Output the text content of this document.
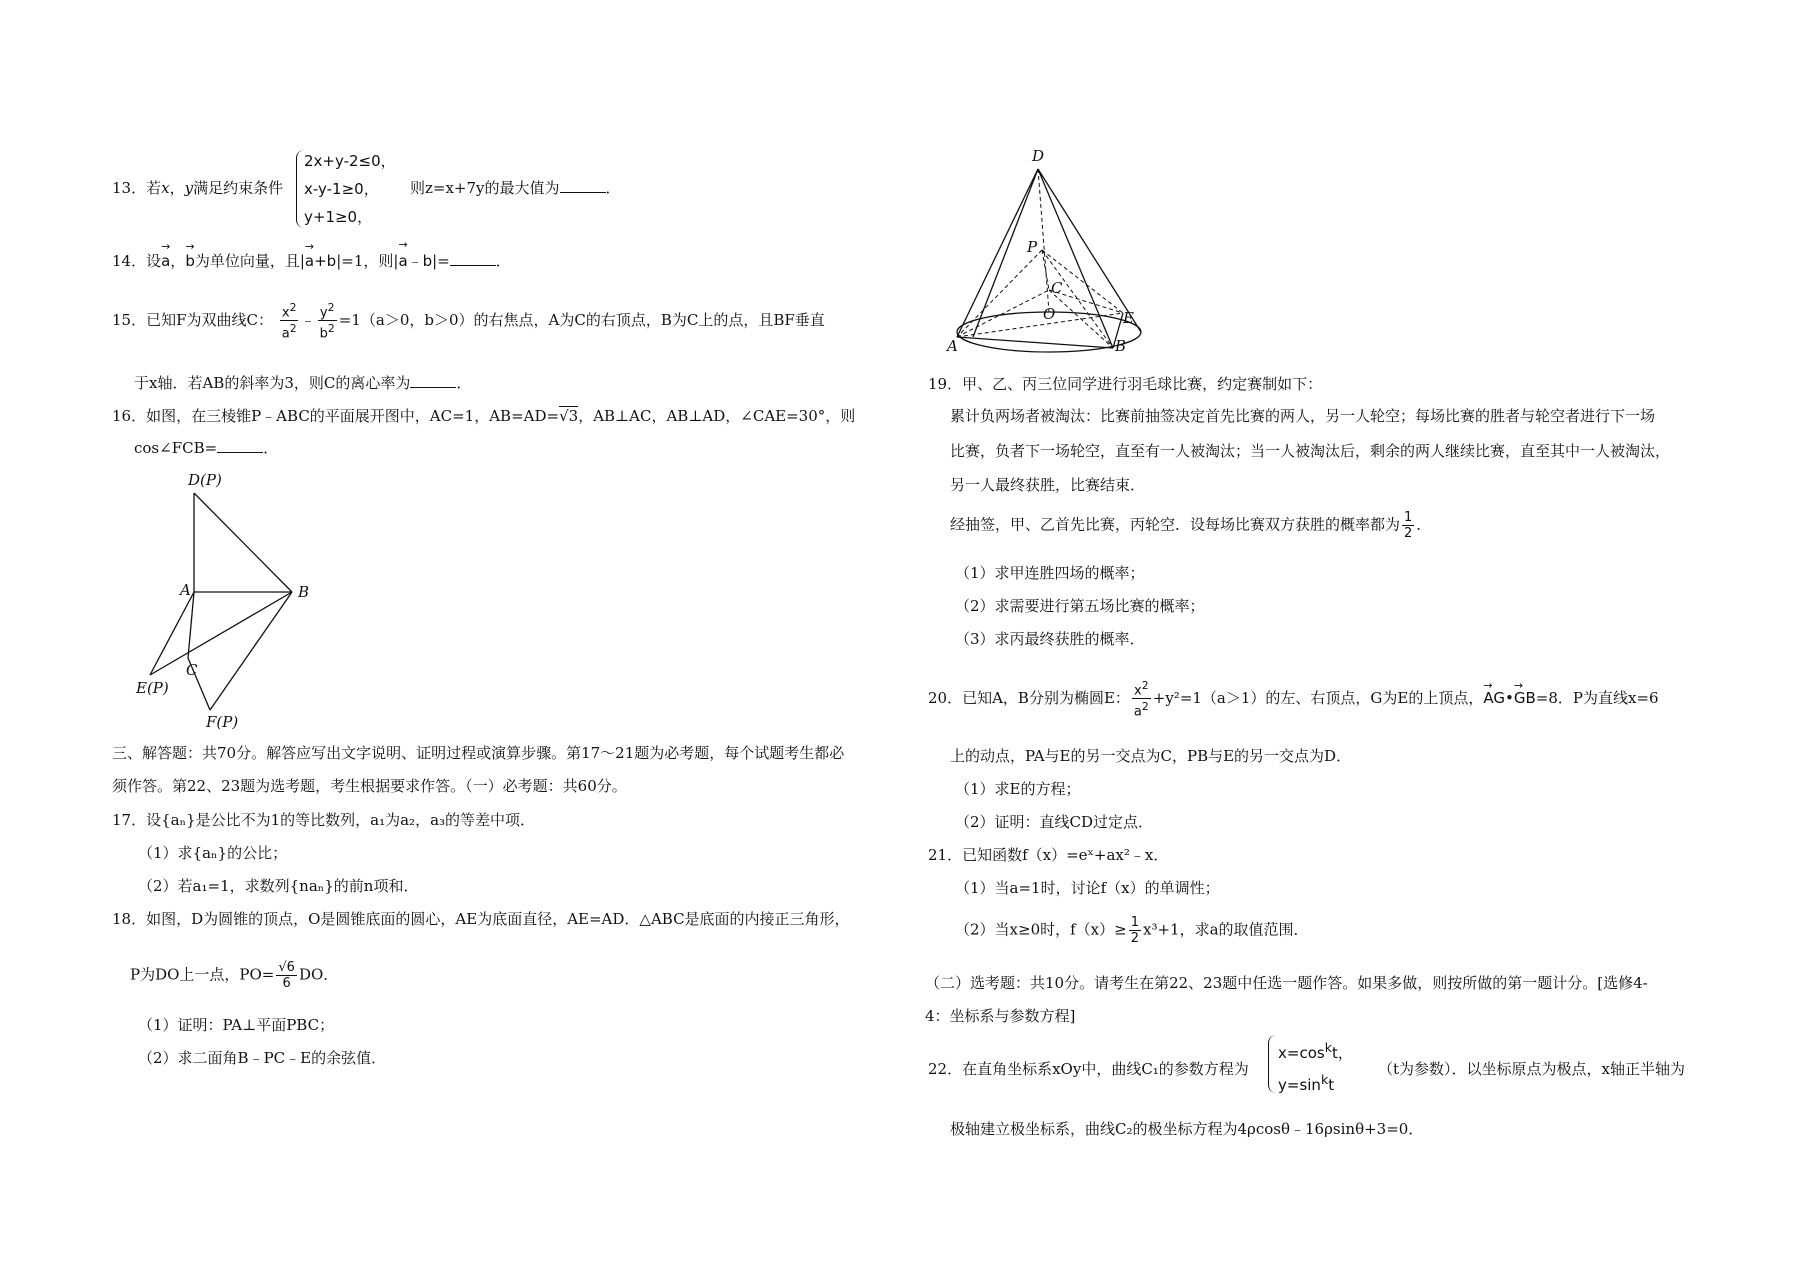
13．若x，y满足约束条件
2x+y-2≤0，
x-y-1≥0，
y+1≥0，
则z=x+7y的最大值为	．
14．设→ a，→ b为单位向量，且|→ a+b|=1，则|→ a﹣b|=	．
15．已知F为双曲线C： $\frac{x^2}{a^2}$ ﹣ $\frac{y^2}{b^2} =1(a>0$，b＞0）的右焦点，A为C的右顶点，B为C上的点，且BF垂直
于x轴．若AB的斜率为3，则C的离心率为	．
16．如图，在三棱锥P﹣ABC的平面展开图中，AC=1，AB=AD=√3，AB⊥AC，AB⊥AD，∠CAE=30°，则
cos∠FCB=	．
D(P)
A	B
C
E(P)
F(P)
三、解答题：共70分。解答应写出文字说明、证明过程或演算步骤。第17～21题为必考题，每个试题考生都必
须作答。第22、23题为选考题，考生根据要求作答。（一）必考题：共60分。
17．设{aₙ}是公比不为1的等比数列，a₁为a₂，a₃的等差中项．
（1）求{aₙ}的公比；
（2）若a₁=1，求数列{naₙ}的前n项和．
18．如图，D为圆锥的顶点，O是圆锥底面的圆心，AE为底面直径，AE=AD．△ABC是底面的内接正三角形，
P为DO上一点，$PO= \frac{√6}{6}$ DO．
（1）证明：PA⊥平面PBC；
（2）求二面角B﹣PC﹣E的余弦值．
D
P
C
O	E
A	B
19．甲、乙、丙三位同学进行羽毛球比赛，约定赛制如下：
累计负两场者被淘汰：比赛前抽签决定首先比赛的两人，另一人轮空；每场比赛的胜者与轮空者进行下一场
比赛，负者下一场轮空，直至有一人被淘汰；当一人被淘汰后，剩余的两人继续比赛，直至其中一人被淘汰，
另一人最终获胜，比赛结束．
经抽签，甲、乙首先比赛，丙轮空．设每场比赛双方获胜的概率都为 $\frac{1}{2}$ ．
（1）求甲连胜四场的概率；
（2）求需要进行第五场比赛的概率；
（3）求丙最终获胜的概率．
20．已知A，B分别为椭圆E： $\frac{x^2}{a^2} +y^2=1(a>1)$的左、右顶点，G为E的上顶点，→ AG•→ GB=8．P为直线x=6
上的动点，PA与E的另一交点为C，PB与E的另一交点为D．
（1）求E的方程；
（2）证明：直线CD过定点．
21．已知函数f（x）=eˣ+ax²﹣x．
（1）当a=1时，讨论f（x）的单调性；
（2）当x≥0时，$f(x)\ge \frac{1}{2} x^3+1$，求a的取值范围．
（二）选考题：共10分。请考生在第22、23题中任选一题作答。如果多做，则按所做的第一题计分。[选修4-
4：坐标系与参数方程]
22．在直角坐标系xOy中，曲线C₁的参数方程为
$x=\cos^kt$，
$y=\sin^kt$
（t为参数）．以坐标原点为极点，x轴正半轴为
极轴建立极坐标系，曲线C₂的极坐标方程为4ρcosθ﹣16ρsinθ+3=0．
